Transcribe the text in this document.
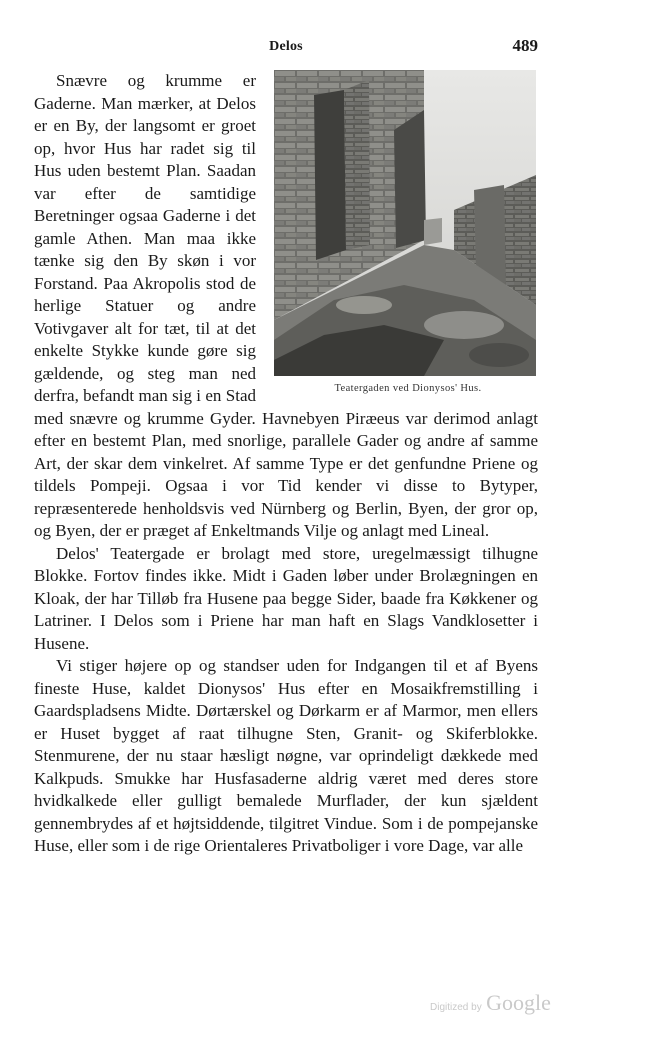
Delos	489
Teatergaden ved Dionysos' Hus.

Snævre og krumme er Gaderne. Man mærker, at Delos er en By, der langsomt er groet op, hvor Hus har radet sig til Hus uden bestemt Plan. Saadan var efter de samtidige Beretninger ogsaa Gaderne i det gamle Athen. Man maa ikke tænke sig den By skøn i vor Forstand. Paa Akropolis stod de herlige Statuer og andre Votivgaver alt for tæt, til at det enkelte Stykke kunde gøre sig gældende, og steg man ned derfra, befandt man sig i en Stad med snævre og krumme Gyder. Havnebyen Piræeus var derimod anlagt efter en bestemt Plan, med snorlige, parallele Gader og andre af samme Art, der skar dem vinkelret. Af samme Type er det genfundne Priene og tildels Pompeji. Ogsaa i vor Tid kender vi disse to Bytyper, repræsenterede henholdsvis ved Nürnberg og Berlin, Byen, der gror op, og Byen, der er præget af Enkeltmands Vilje og anlagt med Lineal.

Delos' Teatergade er brolagt med store, uregelmæssigt tilhugne Blokke. Fortov findes ikke. Midt i Gaden løber under Brolægningen en Kloak, der har Tilløb fra Husene paa begge Sider, baade fra Køkkener og Latriner. I Delos som i Priene har man haft en Slags Vandklosetter i Husene.

Vi stiger højere op og standser uden for Indgangen til et af Byens fineste Huse, kaldet Dionysos' Hus efter en Mosaikfremstilling i Gaardspladsens Midte. Dørtærskel og Dørkarm er af Marmor, men ellers er Huset bygget af raat tilhugne Sten, Granit- og Skiferblokke. Stenmurene, der nu staar hæsligt nøgne, var oprindeligt dækkede med Kalkpuds. Smukke har Husfasaderne aldrig været med deres store hvidkalkede eller gulligt bemalede Murflader, der kun sjældent gennembrydes af et højtsiddende, tilgitret Vindue. Som i de pompejanske Huse, eller som i de rige Orientaleres Privatboliger i vore Dage, var alle

Digitized by Google
